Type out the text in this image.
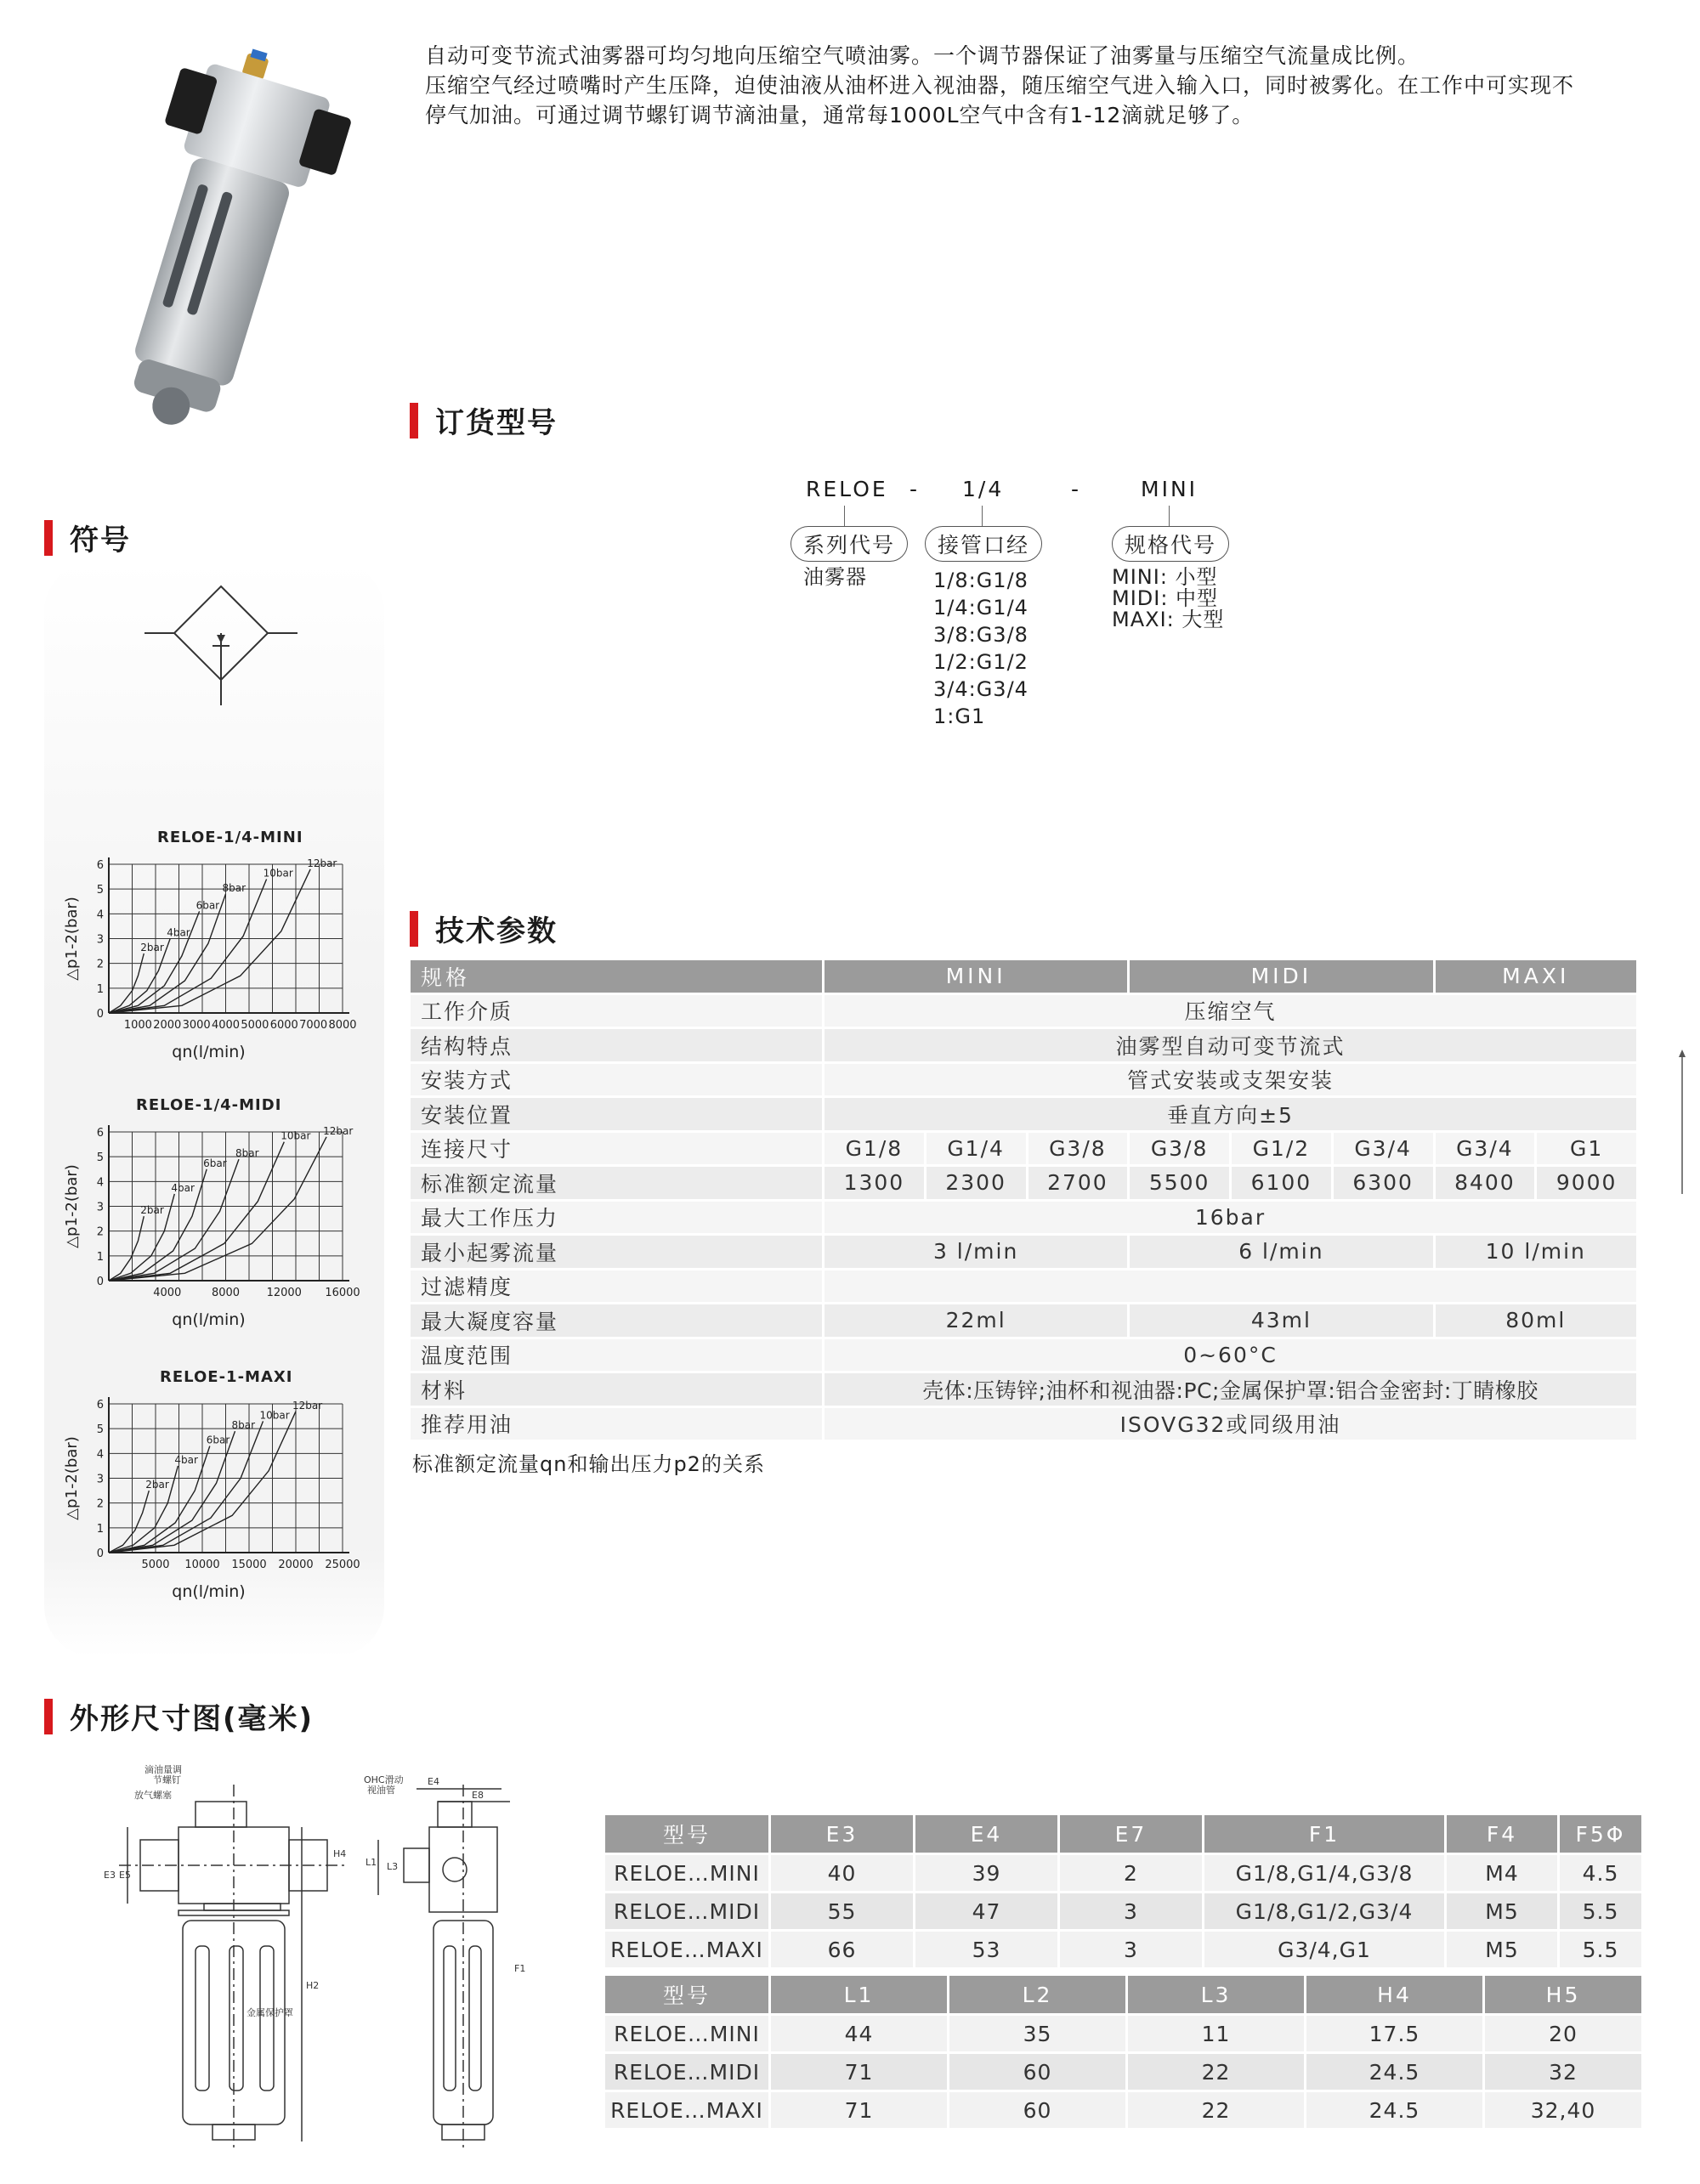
自动可变节流式油雾器可均匀地向压缩空气喷油雾。一个调节器保证了油雾量与压缩空气流量成比例。

压缩空气经过喷嘴时产生压降，迫使油液从油杯进入视油器，随压缩空气进入输入口，同时被雾化。在工作中可实现不

停气加油。可通过调节螺钉调节滴油量，通常每1000L空气中含有1-12滴就足够了。

订货型号
RELOE - 1/4	-	MINI
系列代号	接管口经	规格代号
油雾器	1/8:G1/8
1/4:G1/4
3/8:G3/8
1/2:G1/2
3/4:G3/4
1:G1
MINI: 小型
MIDI: 中型
MAXI: 大型
符号
RELOE-1/4-MINI
0
1
2
3
4
5
6
1000 2000 3000 4000 5000 6000 7000 8000
△p1-2(bar)
qn(l/min)
2bar
4bar
6bar
8bar
10bar
12bar
RELOE-1/4-MIDI
0
1
2
3
4
5
6
4000	8000 12000 16000
△p1-2(bar)
qn(l/min)
2bar
4bar
6bar
8bar
10bar 12bar
RELOE-1-MAXI
0
1
2
3
4
5
6
5000 10000 15000 20000 25000
△p1-2(bar)
qn(l/min)
2bar
4bar
6bar
8bar
10bar
12bar
技术参数
规格	MINI			MIDI			MAXI	
工作介质	压缩空气							
结构特点	油雾型自动可变节流式							
安装方式	管式安装或支架安装							
安装位置	垂直方向±5							
连接尺寸	G1/8	G1/4	G3/8	G3/8	G1/2	G3/4	G3/4	G1
标准额定流量	1300	2300	2700	5500	6100	6300	8400	9000
最大工作压力	16bar							
最小起雾流量	3 l/min			6 l/min			10 l/min	
过滤精度								
最大凝度容量	22ml			43ml			80ml	
温度范围	0~60°C							
材料	壳体:压铸锌;油杯和视油器:PC;金属保护罩:铝合金密封:丁睛橡胶							
推荐用油	ISOVG32或同级用油							
标准额定流量qn和输出压力p2的关系
外形尺寸图(毫米)
滴油量调
节螺钉
放气螺塞
金属保护罩
OHC滑动
视油管
E4
E8
E5
E3
H4
H2
L1 L3
F1
型号	E3	E4	E7	F1	F4	F5Φ
RELOE…MINI	40	39	2	G1/8,G1/4,G3/8	M4	4.5
RELOE…MIDI	55	47	3	G1/8,G1/2,G3/4	M5	5.5
RELOE…MAXI	66	53	3	G3/4,G1	M5	5.5
型号	L1	L2	L3	H4	H5
RELOE…MINI	44	35	11	17.5	20
RELOE…MIDI	71	60	22	24.5	32
RELOE…MAXI	71	60	22	24.5	32,40
